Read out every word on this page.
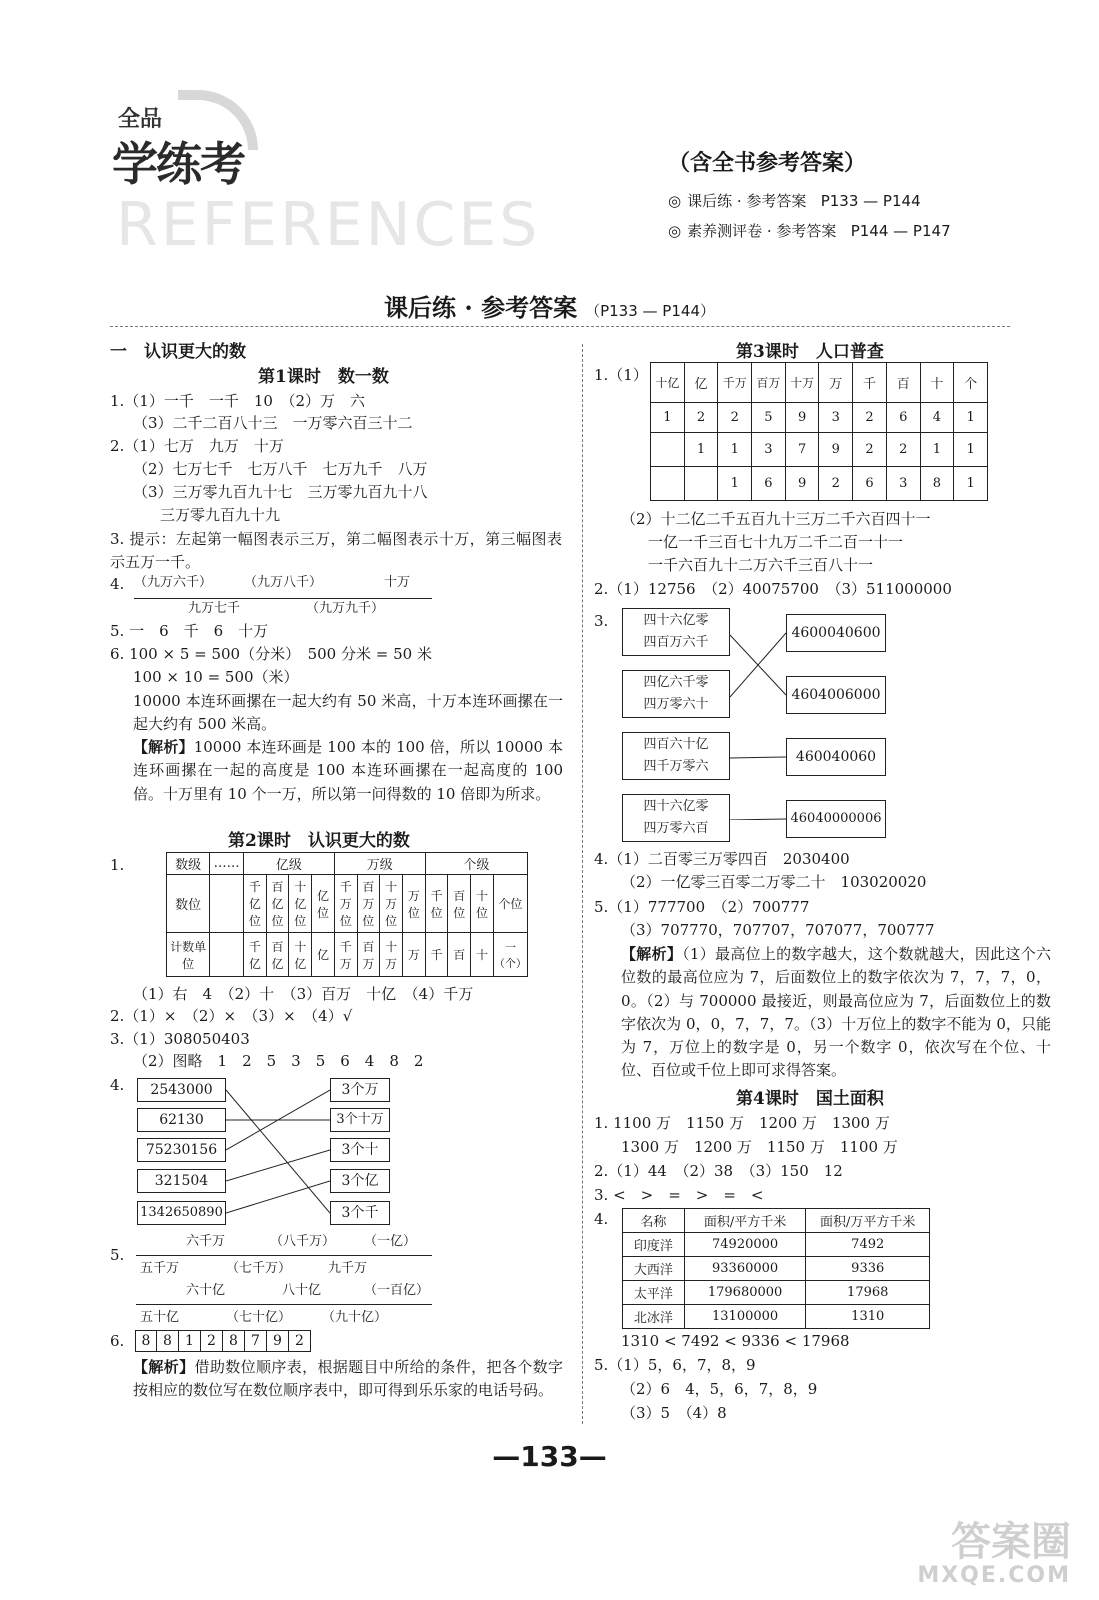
全品
学练考
REFERENCES
（含全书参考答案）
◎ 课后练 · 参考答案 P133 — P144
◎ 素养测评卷 · 参考答案 P144 — P147
课后练 · 参考答案 （P133 — P144）
一　认识更大的数
第1课时　数一数
1.（1）一千　一千　10　（2）万　六
（3）二千二百八十三　一万零六百三十二
2.（1）七万　九万　十万
（2）七万七千　七万八千　七万九千　八万
（3）三万零九百九十七　三万零九百九十八
三万零九百九十九
3. 提示：左起第一幅图表示三万，第二幅图表示十万，第三幅图表示五万一千。
4. （九万六千） （九万八千）	十万
九万七千	（九万九千）
5. 一　6　千　6　十万
6. 100 × 5 = 500（分米）　500 分米 = 50 米
100 × 10 = 500（米）
10000 本连环画摞在一起大约有 50 米高，十万本连环画摞在一起大约有 500 米高。
【解析】10000 本连环画是 100 本的 100 倍，所以 10000 本连环画摞在一起的高度是 100 本连环画摞在一起高度的 100 倍。十万里有 10 个一万，所以第一问得数的 10 倍即为所求。
第2课时　认识更大的数
1.	数级	……	亿级				万级				个级			
数位		千亿位	百亿位	十亿位	亿位	千万位	百万位	十万位	万位	千位	百位	十位	个位
计数单位		千亿	百亿	十亿	亿	千万	百万	十万	万	千	百	十	一（个）
（1）右　4　（2）十　（3）百万　十亿　（4）千万
2.（1）×　（2）×　（3）×　（4）√
3.（1）308050403
（2）图略　1　2　5　3　5　6　4　8　2
4.	2543000
62130
75230156
321504
1342650890
3个万
3个十万
3个十
3个亿
3个千
5.
六千万	（八千万） （一亿）
五千万	（七千万）	九千万
六十亿	八十亿	（一百亿）
五十亿	（七十亿） （九十亿）
6.	8 8 1 2 8 7 9 2
【解析】借助数位顺序表，根据题目中所给的条件，把各个数字按相应的数位写在数位顺序表中，即可得到乐乐家的电话号码。
第3课时　人口普查
1.（1） 十亿	亿	千万	百万	十万	万	千	百	十	个
1	2	2	5	9	3	2	6	4	1
	1	1	3	7	9	2	2	1	1
		1	6	9	2	6	3	8	1
（2）十二亿二千五百九十三万二千六百四十一
一亿一千三百七十九万二千二百一十一
一千六百九十二万六千三百八十一
2.（1）12756　（2）40075700　（3）511000000
3.	四十六亿零
四百万六千
四亿六千零
四万零六十
四百六十亿
四千万零六
四十六亿零
四万零六百
4600040600
4604006000
460040060
46040000006
4.（1）二百零三万零四百　2030400
（2）一亿零三百零二万零二十　103020020
5.（1）777700　（2）700777
（3）707770，707707，707077，700777
【解析】（1）最高位上的数字越大，这个数就越大，因此这个六位数的最高位应为 7，后面数位上的数字依次为 7，7，7，0，0。（2）与 700000 最接近，则最高位应为 7，后面数位上的数字依次为 0，0，7，7，7。（3）十万位上的数字不能为 0，只能为 7，万位上的数字是 0，另一个数字 0，依次写在个位、十位、百位或千位上即可求得答案。
第4课时　国土面积
1. 1100 万　1150 万　1200 万　1300 万
1300 万　1200 万　1150 万　1100 万
2.（1）44　（2）38　（3）150　12
3. <　>　=　>　=　<
4. 名称	面积/平方千米	面积/万平方千米
印度洋	74920000	7492
大西洋	93360000	9336
太平洋	179680000	17968
北冰洋	13100000	1310
1310 < 7492 < 9336 < 17968
5.（1）5，6，7，8，9
（2）6　4，5，6，7，8，9
（3）5　（4）8
—133—
答案圈
MXQE.COM
